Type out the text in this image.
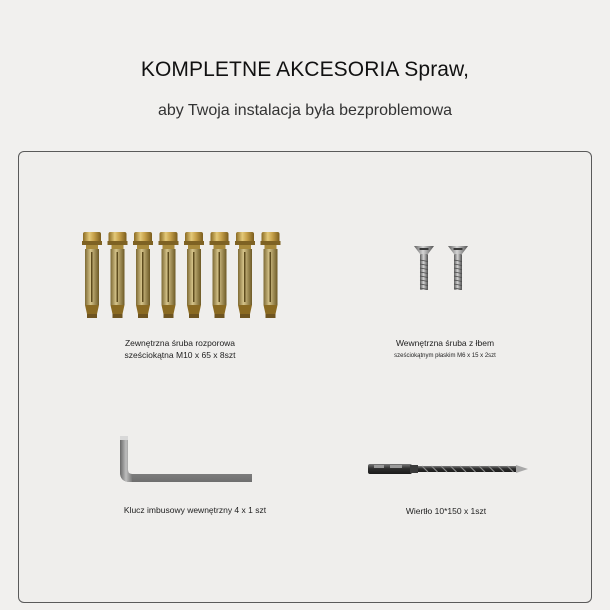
KOMPLETNE AKCESORIA Spraw,
aby Twoja instalacja była bezproblemowa
Zewnętrzna śruba rozporowa
sześciokątna M10 x 65 x 8szt
Wewnętrzna śruba z łbem
sześciokątnym płaskim M6 x 15 x 2szt
Klucz imbusowy wewnętrzny 4 x 1 szt	Wiertło 10*150 x 1szt
